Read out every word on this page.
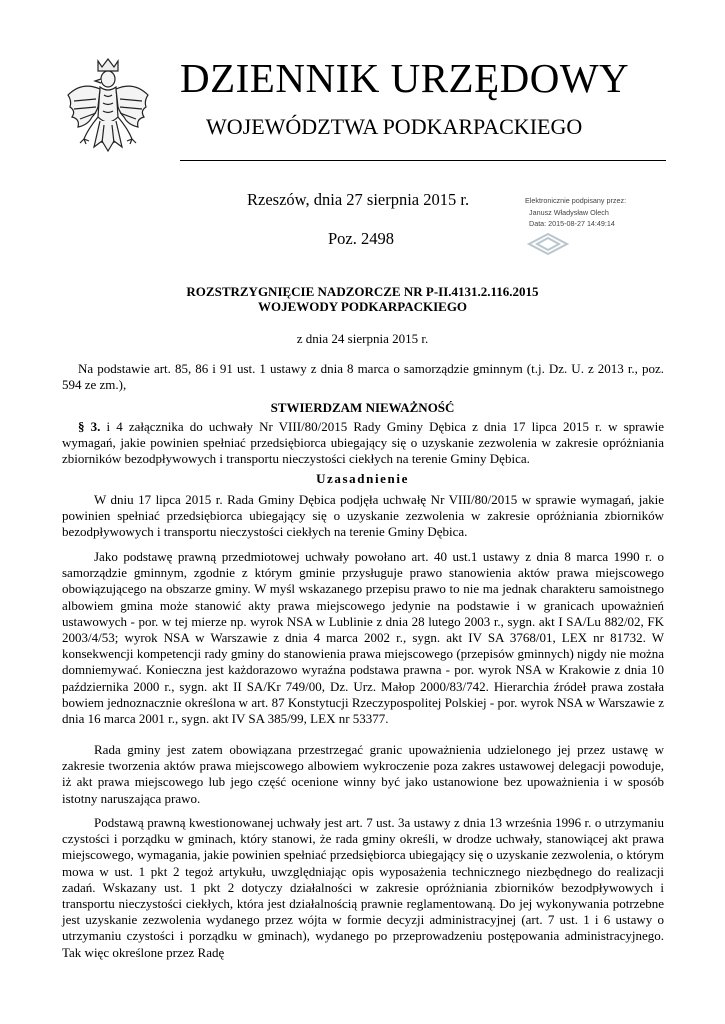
DZIENNIK URZĘDOWY
WOJEWÓDZTWA PODKARPACKIEGO
Rzeszów, dnia 27 sierpnia 2015 r.
Poz. 2498
Elektronicznie podpisany przez:
Janusz Władysław Olech
Data: 2015-08-27 14:49:14
ROZSTRZYGNIĘCIE NADZORCZE NR P-II.4131.2.116.2015
WOJEWODY PODKARPACKIEGO
z dnia 24 sierpnia 2015 r.
Na podstawie art. 85, 86 i 91 ust. 1 ustawy z dnia 8 marca o samorządzie gminnym (t.j. Dz. U. z 2013 r., poz. 594 ze zm.),
STWIERDZAM NIEWAŻNOŚĆ
§ 3. i 4 załącznika do uchwały Nr VIII/80/2015 Rady Gminy Dębica z dnia 17 lipca 2015 r. w sprawie wymagań, jakie powinien spełniać przedsiębiorca ubiegający się o uzyskanie zezwolenia w zakresie opróżniania zbiorników bezodpływowych i transportu nieczystości ciekłych na terenie Gminy Dębica.
Uzasadnienie
W dniu 17 lipca 2015 r. Rada Gminy Dębica podjęła uchwałę Nr VIII/80/2015 w sprawie wymagań, jakie powinien spełniać przedsiębiorca ubiegający się o uzyskanie zezwolenia w zakresie opróżniania zbiorników bezodpływowych i transportu nieczystości ciekłych na terenie Gminy Dębica.
Jako podstawę prawną przedmiotowej uchwały powołano art. 40 ust.1 ustawy z dnia 8 marca 1990 r. o samorządzie gminnym, zgodnie z którym gminie przysługuje prawo stanowienia aktów prawa miejscowego obowiązującego na obszarze gminy. W myśl wskazanego przepisu prawo to nie ma jednak charakteru samoistnego albowiem gmina może stanowić akty prawa miejscowego jedynie na podstawie i w granicach upoważnień ustawowych - por. w tej mierze np. wyrok NSA w Lublinie z dnia 28 lutego 2003 r., sygn. akt I SA/Lu 882/02, FK 2003/4/53; wyrok NSA w Warszawie z dnia 4 marca 2002 r., sygn. akt IV SA 3768/01, LEX nr 81732. W konsekwencji kompetencji rady gminy do stanowienia prawa miejscowego (przepisów gminnych) nigdy nie można domniemywać. Konieczna jest każdorazowo wyraźna podstawa prawna - por. wyrok NSA w Krakowie z dnia 10 października 2000 r., sygn. akt II SA/Kr 749/00, Dz. Urz. Małop 2000/83/742. Hierarchia źródeł prawa została bowiem jednoznacznie określona w art. 87 Konstytucji Rzeczypospolitej Polskiej - por. wyrok NSA w Warszawie z dnia 16 marca 2001 r., sygn. akt IV SA 385/99, LEX nr 53377.
Rada gminy jest zatem obowiązana przestrzegać granic upoważnienia udzielonego jej przez ustawę w zakresie tworzenia aktów prawa miejscowego albowiem wykroczenie poza zakres ustawowej delegacji powoduje, iż akt prawa miejscowego lub jego część ocenione winny być jako ustanowione bez upoważnienia i w sposób istotny naruszająca prawo.
Podstawą prawną kwestionowanej uchwały jest art. 7 ust. 3a ustawy z dnia 13 września 1996 r. o utrzymaniu czystości i porządku w gminach, który stanowi, że rada gminy określi, w drodze uchwały, stanowiącej akt prawa miejscowego, wymagania, jakie powinien spełniać przedsiębiorca ubiegający się o uzyskanie zezwolenia, o którym mowa w ust. 1 pkt 2 tegoż artykułu, uwzględniając opis wyposażenia technicznego niezbędnego do realizacji zadań. Wskazany ust. 1 pkt 2 dotyczy działalności w zakresie opróżniania zbiorników bezodpływowych i transportu nieczystości ciekłych, która jest działalnością prawnie reglamentowaną. Do jej wykonywania potrzebne jest uzyskanie zezwolenia wydanego przez wójta w formie decyzji administracyjnej (art. 7 ust. 1 i 6 ustawy o utrzymaniu czystości i porządku w gminach), wydanego po przeprowadzeniu postępowania administracyjnego. Tak więc określone przez Radę
